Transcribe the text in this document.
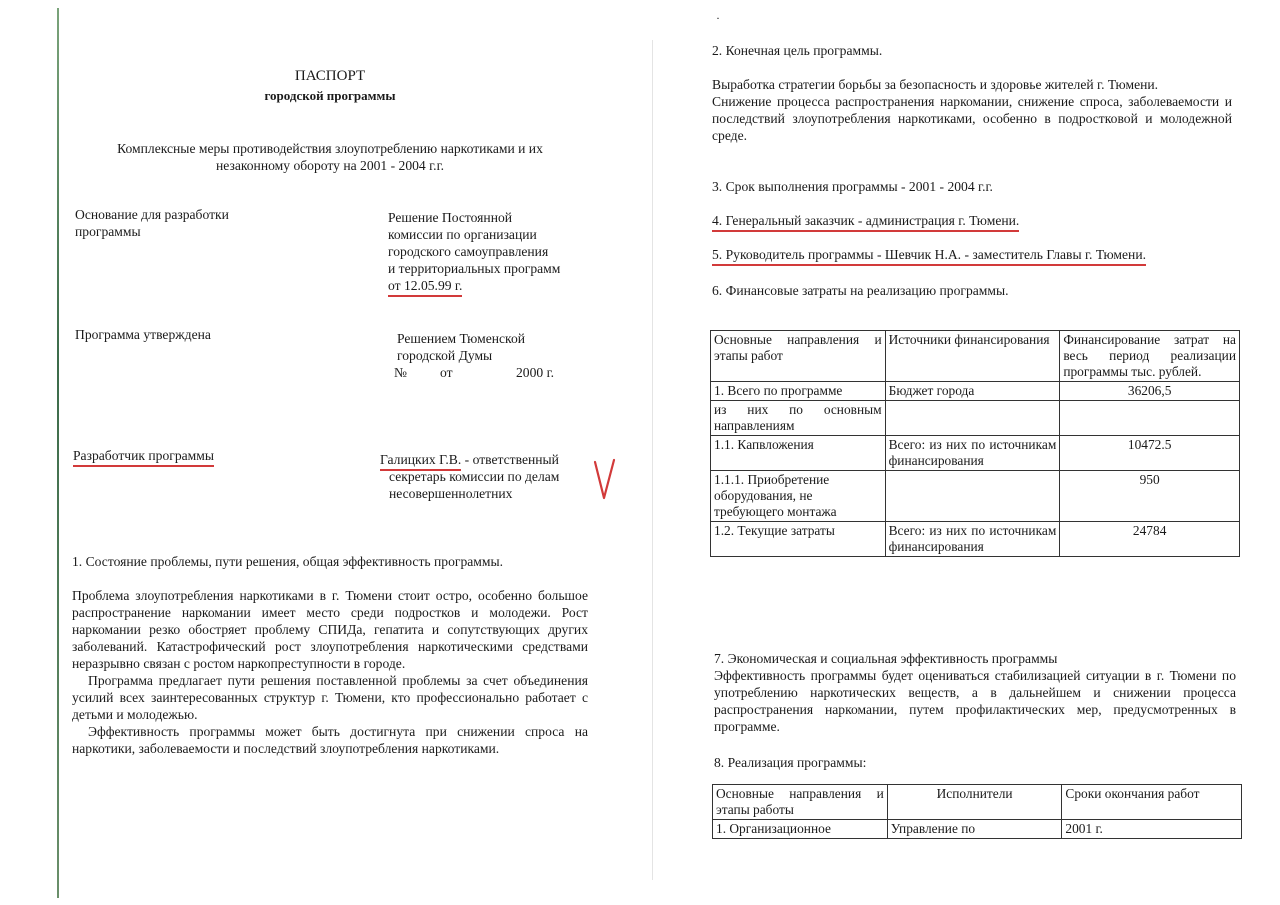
ПАСПОРТ
городской программы
Комплексные меры противодействия злоупотреблению наркотиками и их
незаконному обороту на 2001 - 2004 г.г.
Основание для разработки программы
Решение Постоянной
комиссии по организации
городского самоуправления
и территориальных программ
от 12.05.99 г.
Программа утверждена	Решением Тюменской
городской Думы
№ от	2000 г.
Разработчик программы	Галицких Г.В. - ответственный
секретарь комиссии по делам
несовершеннолетних
1. Состояние проблемы, пути решения, общая эффективность программы.
Проблема злоупотребления наркотиками в г. Тюмени стоит остро, особенно большое распространение наркомании имеет место среди подростков и молодежи. Рост наркомании резко обостряет проблему СПИДа, гепатита и сопутствующих других заболеваний. Катастрофический рост злоупотребления наркотическими средствами неразрывно связан с ростом наркопреступности в городе.
Программа предлагает пути решения поставленной проблемы за счет объединения усилий всех заинтересованных структур г. Тюмени, кто профессионально работает с детьми и молодежью.
Эффективность программы может быть достигнута при снижении спроса на наркотики, заболеваемости и последствий злоупотребления наркотиками.
·
2. Конечная цель программы.
Выработка стратегии борьбы за безопасность и здоровье жителей г. Тюмени.
Снижение процесса распространения наркомании, снижение спроса, заболеваемости и последствий злоупотребления наркотиками, особенно в подростковой и молодежной среде.
3. Срок выполнения программы - 2001 - 2004 г.г.
4. Генеральный заказчик - администрация г. Тюмени.
5. Руководитель программы - Шевчик Н.А. - заместитель Главы г. Тюмени.
6. Финансовые затраты на реализацию программы.
Основные направления и этапы работ	Источники финансирования	Финансирование затрат на весь период реализации программы тыс. рублей.
1. Всего по программе	Бюджет города	36206,5
из них по основным направлениям		
1.1. Капвложения	Всего: из них по источникам финансирования	10472.5
1.1.1. Приобретение оборудования, не требующего монтажа		950
1.2. Текущие затраты	Всего: из них по источникам финансирования	24784
7. Экономическая и социальная эффективность программы
Эффективность программы будет оцениваться стабилизацией ситуации в г. Тюмени по употреблению наркотических веществ, а в дальнейшем и снижении процесса распространения наркомании, путем профилактических мер, предусмотренных в программе.
8. Реализация программы:
Основные направления и этапы работы	Исполнители	Сроки окончания работ
1. Организационное	Управление по	2001 г.
